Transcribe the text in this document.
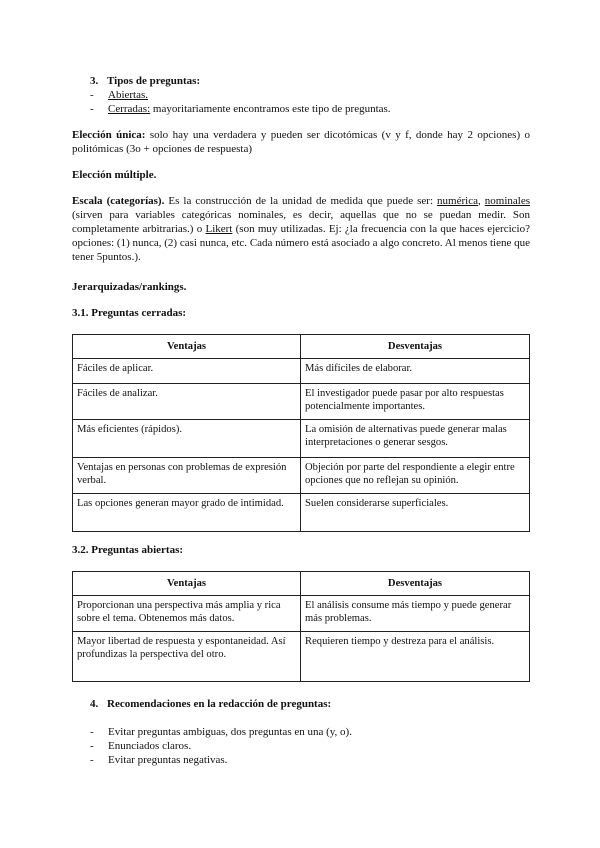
3. Tipos de preguntas:
- Abiertas.
- Cerradas: mayoritariamente encontramos este tipo de preguntas.
Elección única: solo hay una verdadera y pueden ser dicotómicas (v y f, donde hay 2 opciones) o politómicas (3o + opciones de respuesta)
Elección múltiple.
Escala (categorías). Es la construcción de la unidad de medida que puede ser: numérica, nominales (sirven para variables categóricas nominales, es decir, aquellas que no se puedan medir. Son completamente arbitrarias.) o Likert (son muy utilizadas. Ej: ¿la frecuencia con la que haces ejercicio? opciones: (1) nunca, (2) casi nunca, etc. Cada número está asociado a algo concreto. Al menos tiene que tener 5puntos.).
Jerarquizadas/rankings.
3.1. Preguntas cerradas:
Ventajas	Desventajas
Fáciles de aplicar.	Más difíciles de elaborar.
Fáciles de analizar.	El investigador puede pasar por alto respuestas potencialmente importantes.
Más eficientes (rápidos).	La omisión de alternativas puede generar malas interpretaciones o generar sesgos.
Ventajas en personas con problemas de expresión verbal.	Objeción por parte del respondiente a elegir entre opciones que no reflejan su opinión.
Las opciones generan mayor grado de intimidad.	Suelen considerarse superficiales.
3.2. Preguntas abiertas:
Ventajas	Desventajas
Proporcionan una perspectiva más amplia y rica sobre el tema. Obtenemos más datos.	El análisis consume más tiempo y puede generar más problemas.
Mayor libertad de respuesta y espontaneidad. Así profundizas la perspectiva del otro.	Requieren tiempo y destreza para el análisis.
4. Recomendaciones en la redacción de preguntas:
- Evitar preguntas ambiguas, dos preguntas en una (y, o).
- Enunciados claros.
- Evitar preguntas negativas.
